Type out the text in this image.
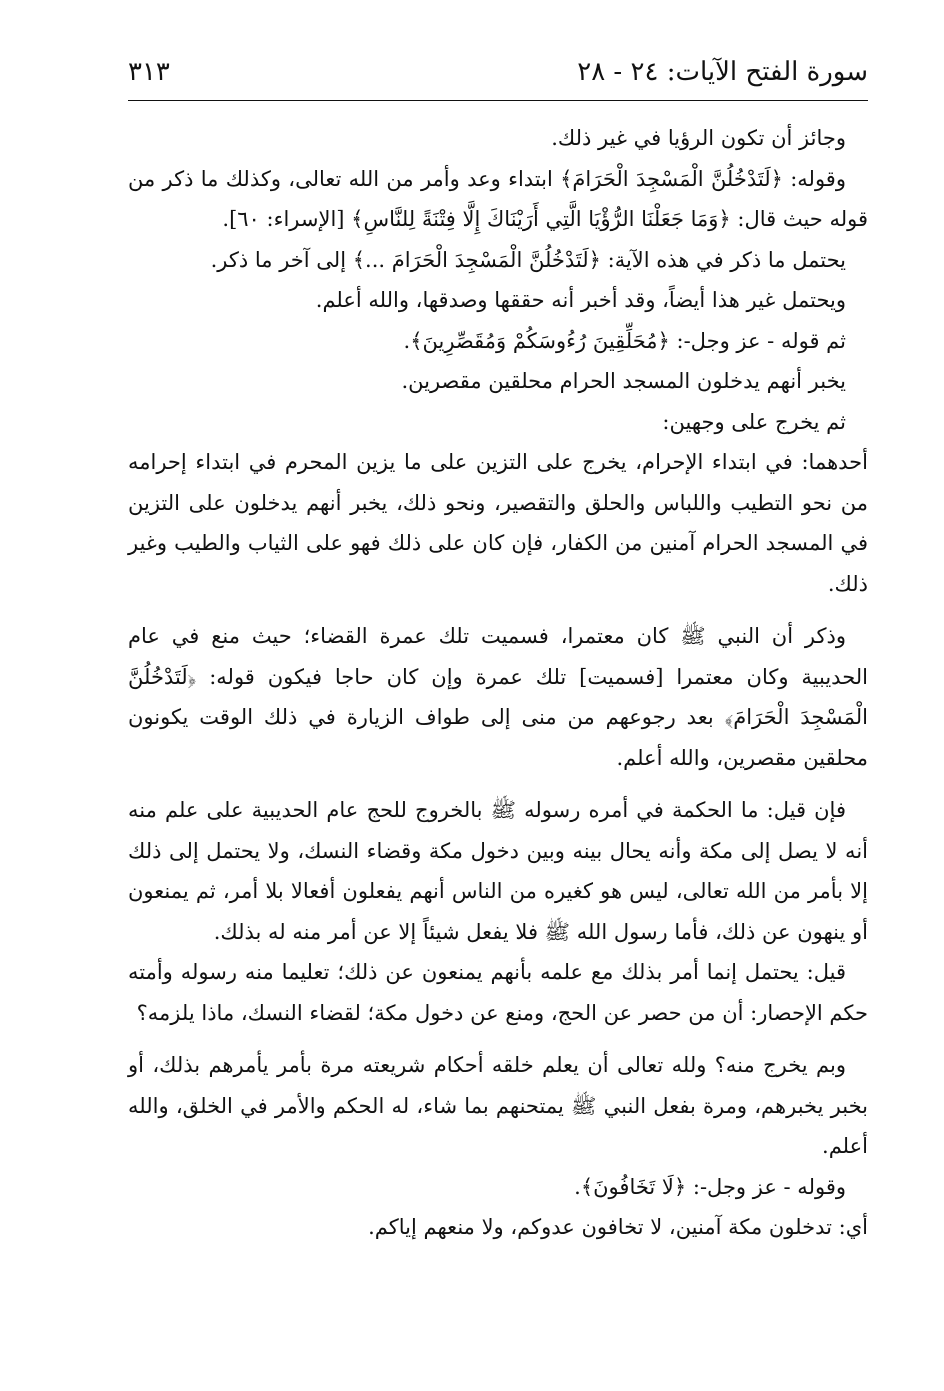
سورة الفتح الآيات: ٢٤ - ٢٨
٣١٣

وجائز أن تكون الرؤيا في غير ذلك.

وقوله: ﴿لَتَدْخُلُنَّ الْمَسْجِدَ الْحَرَامَ﴾ ابتداء وعد وأمر من الله تعالى، وكذلك ما ذكر من قوله حيث قال: ﴿وَمَا جَعَلْنَا الرُّؤْيَا الَّتِي أَرَيْنَاكَ إِلَّا فِتْنَةً لِلنَّاسِ﴾ [الإسراء: ٦٠].

يحتمل ما ذكر في هذه الآية: ﴿لَتَدْخُلُنَّ الْمَسْجِدَ الْحَرَامَ ...﴾ إلى آخر ما ذكر.

ويحتمل غير هذا أيضاً، وقد أخبر أنه حققها وصدقها، والله أعلم.

ثم قوله - عز وجل-: ﴿مُحَلِّقِينَ رُءُوسَكُمْ وَمُقَصِّرِينَ﴾.

يخبر أنهم يدخلون المسجد الحرام محلقين مقصرين.

ثم يخرج على وجهين:

أحدهما: في ابتداء الإحرام، يخرج على التزين على ما يزين المحرم في ابتداء إحرامه من نحو التطيب واللباس والحلق والتقصير، ونحو ذلك، يخبر أنهم يدخلون على التزين في المسجد الحرام آمنين من الكفار، فإن كان على ذلك فهو على الثياب والطيب وغير ذلك.

وذكر أن النبي ﷺ كان معتمرا، فسميت تلك عمرة القضاء؛ حيث منع في عام الحديبية وكان معتمرا [فسميت] تلك عمرة وإن كان حاجا فيكون قوله: ﴿لَتَدْخُلُنَّ الْمَسْجِدَ الْحَرَامَ﴾ بعد رجوعهم من منى إلى طواف الزيارة في ذلك الوقت يكونون محلقين مقصرين، والله أعلم.

فإن قيل: ما الحكمة في أمره رسوله ﷺ بالخروج للحج عام الحديبية على علم منه أنه لا يصل إلى مكة وأنه يحال بينه وبين دخول مكة وقضاء النسك، ولا يحتمل إلى ذلك إلا بأمر من الله تعالى، ليس هو كغيره من الناس أنهم يفعلون أفعالا بلا أمر، ثم يمنعون أو ينهون عن ذلك، فأما رسول الله ﷺ فلا يفعل شيئاً إلا عن أمر منه له بذلك.

قيل: يحتمل إنما أمر بذلك مع علمه بأنهم يمنعون عن ذلك؛ تعليما منه رسوله وأمته حكم الإحصار: أن من حصر عن الحج، ومنع عن دخول مكة؛ لقضاء النسك، ماذا يلزمه؟

وبم يخرج منه؟ ولله تعالى أن يعلم خلقه أحكام شريعته مرة بأمر يأمرهم بذلك، أو بخبر يخبرهم، ومرة بفعل النبي ﷺ يمتحنهم بما شاء، له الحكم والأمر في الخلق، والله أعلم.

وقوله - عز وجل-: ﴿لَا تَخَافُونَ﴾.

أي: تدخلون مكة آمنين، لا تخافون عدوكم، ولا منعهم إياكم.
